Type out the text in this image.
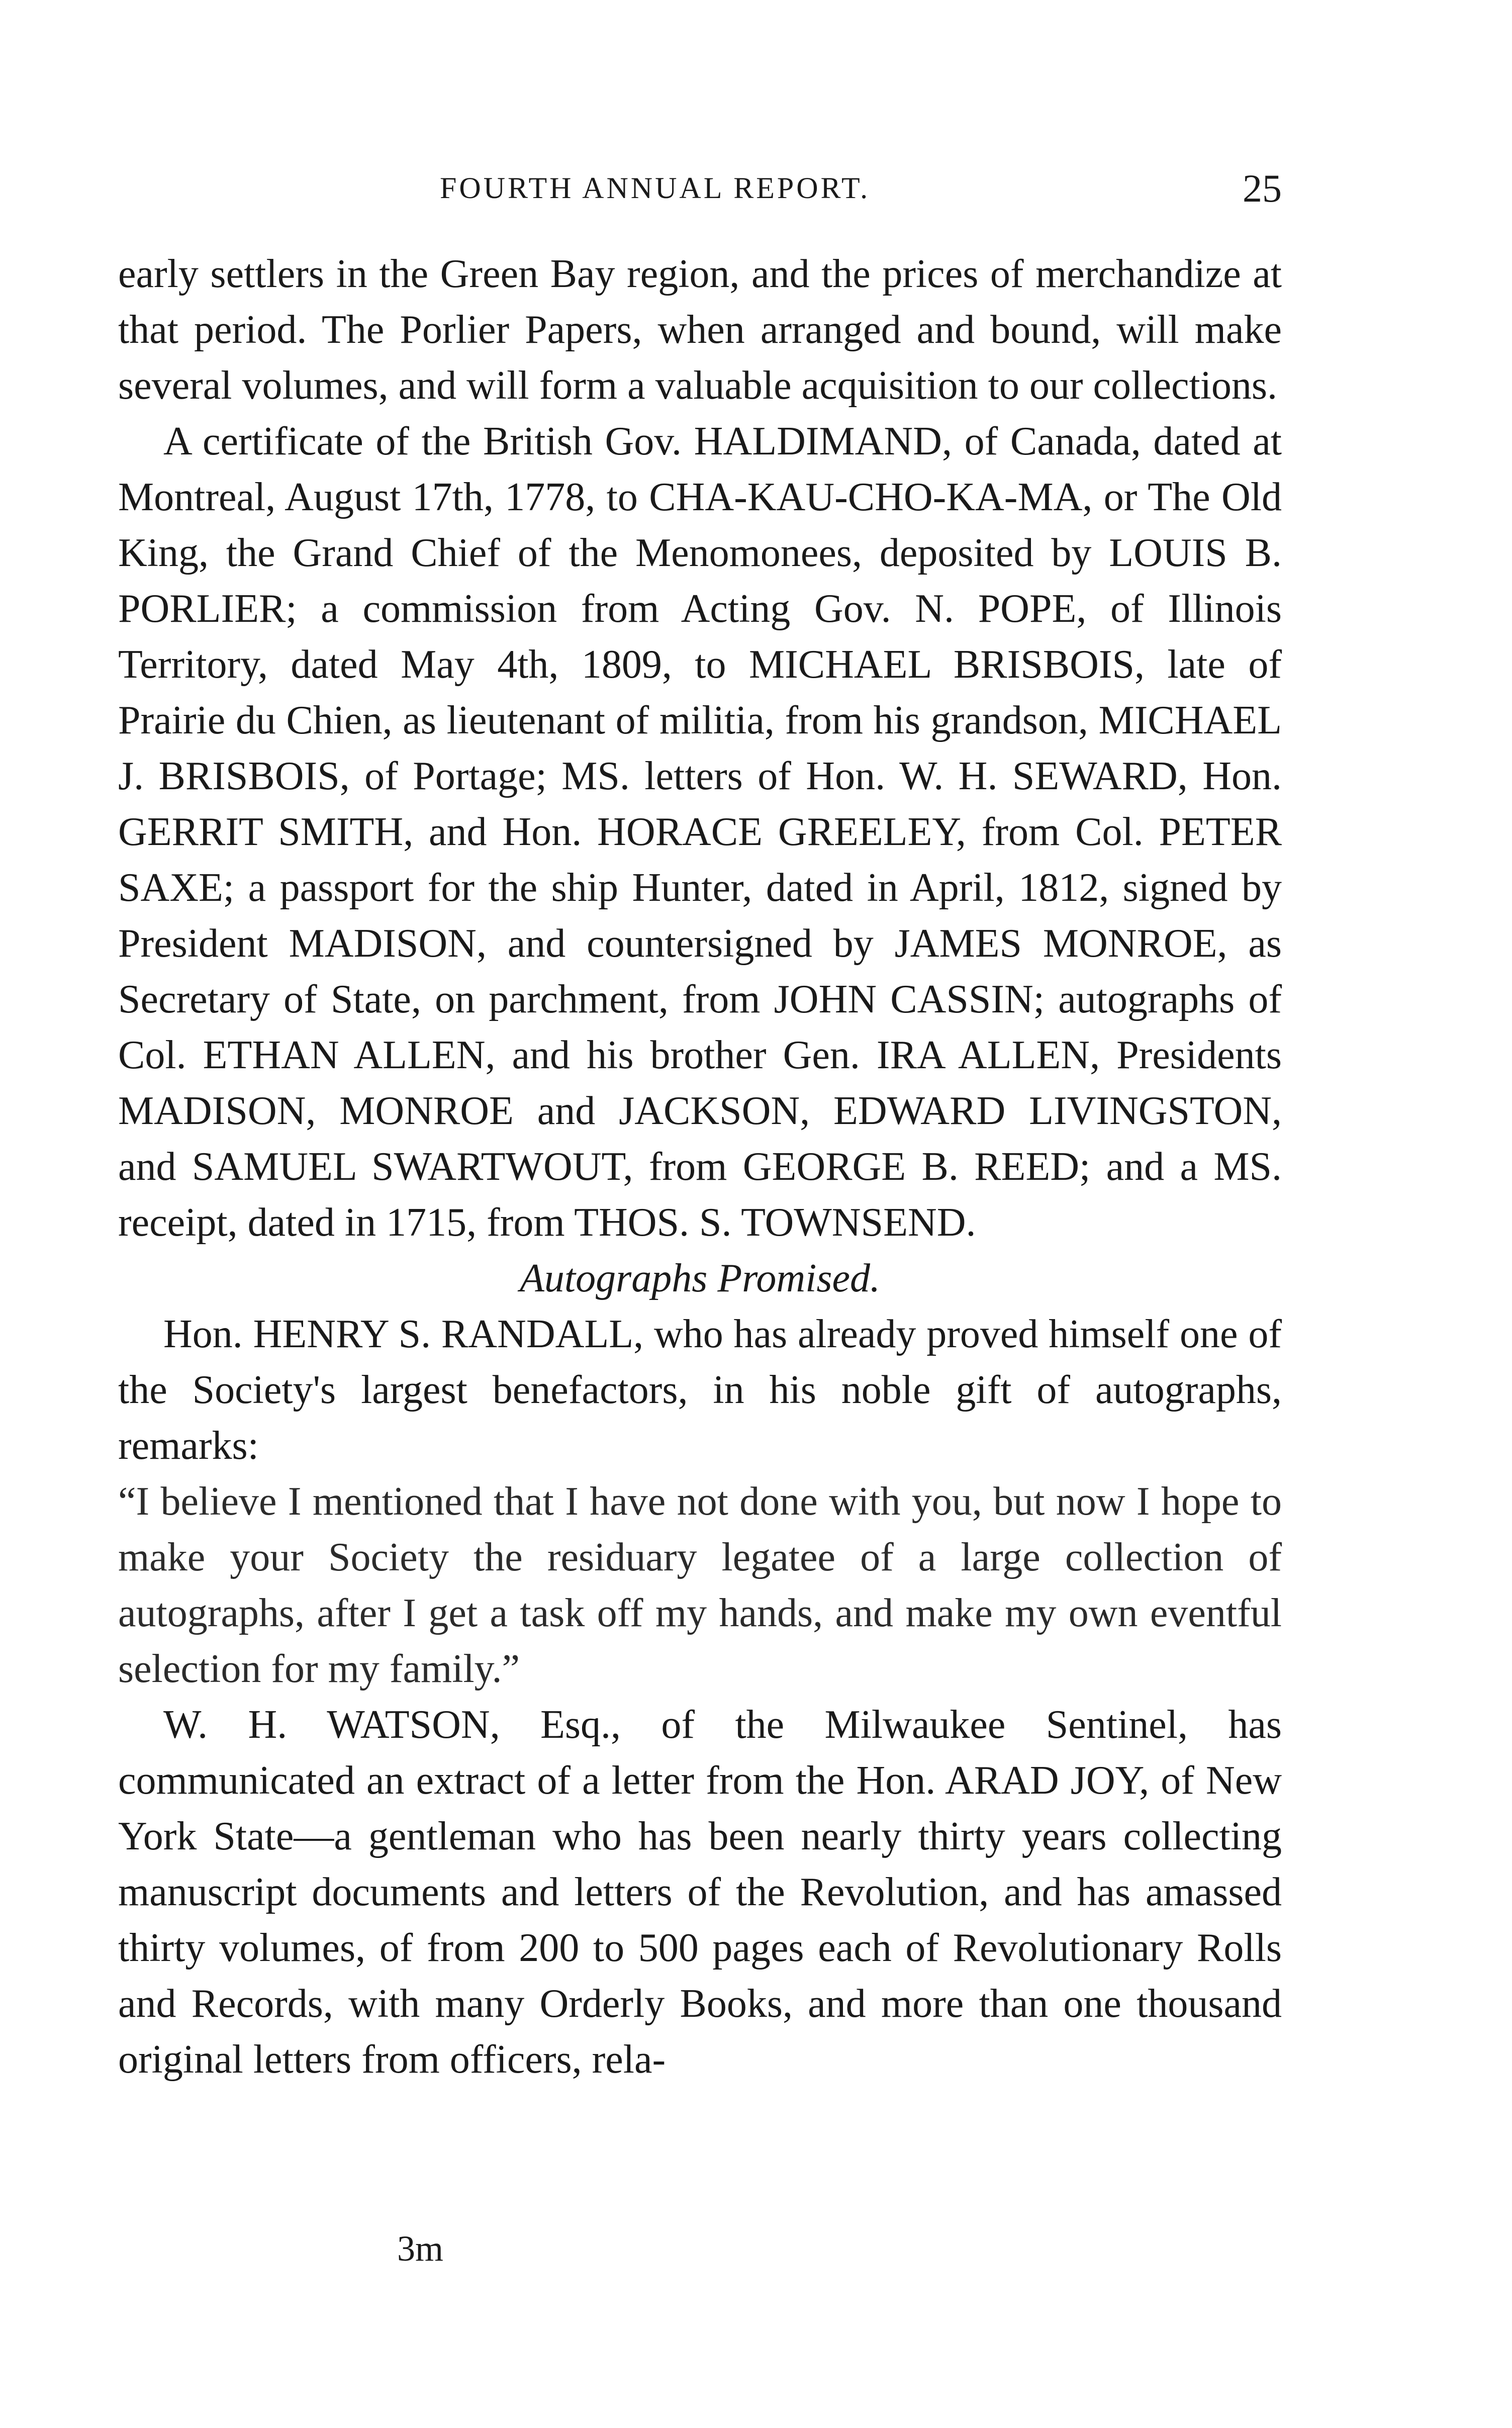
FOURTH ANNUAL REPORT.	25

early settlers in the Green Bay region, and the prices of merchandize at that period. The Porlier Papers, when arranged and bound, will make several volumes, and will form a valuable acquisition to our collections.

A certificate of the British Gov. HALDIMAND, of Canada, dated at Montreal, August 17th, 1778, to CHA-KAU-CHO-KA-MA, or The Old King, the Grand Chief of the Menomonees, deposited by LOUIS B. PORLIER; a commission from Acting Gov. N. POPE, of Illinois Territory, dated May 4th, 1809, to MICHAEL BRISBOIS, late of Prairie du Chien, as lieutenant of militia, from his grandson, MICHAEL J. BRISBOIS, of Portage; MS. letters of Hon. W. H. SEWARD, Hon. GERRIT SMITH, and Hon. HORACE GREELEY, from Col. PETER SAXE; a passport for the ship Hunter, dated in April, 1812, signed by President MADISON, and countersigned by JAMES MONROE, as Secretary of State, on parchment, from JOHN CASSIN; autographs of Col. ETHAN ALLEN, and his brother Gen. IRA ALLEN, Presidents MADISON, MONROE and JACKSON, EDWARD LIVINGSTON, and SAMUEL SWARTWOUT, from GEORGE B. REED; and a MS. receipt, dated in 1715, from THOS. S. TOWNSEND.

Autographs Promised.

Hon. HENRY S. RANDALL, who has already proved himself one of the Society's largest benefactors, in his noble gift of autographs, remarks:

“I believe I mentioned that I have not done with you, but now I hope to make your Society the residuary legatee of a large collection of autographs, after I get a task off my hands, and make my own eventful selection for my family.”

W. H. WATSON, Esq., of the Milwaukee Sentinel, has communicated an extract of a letter from the Hon. ARAD JOY, of New York State—a gentleman who has been nearly thirty years collecting manuscript documents and letters of the Revolution, and has amassed thirty volumes, of from 200 to 500 pages each of Revolutionary Rolls and Records, with many Orderly Books, and more than one thousand original letters from officers, rela-

3m
